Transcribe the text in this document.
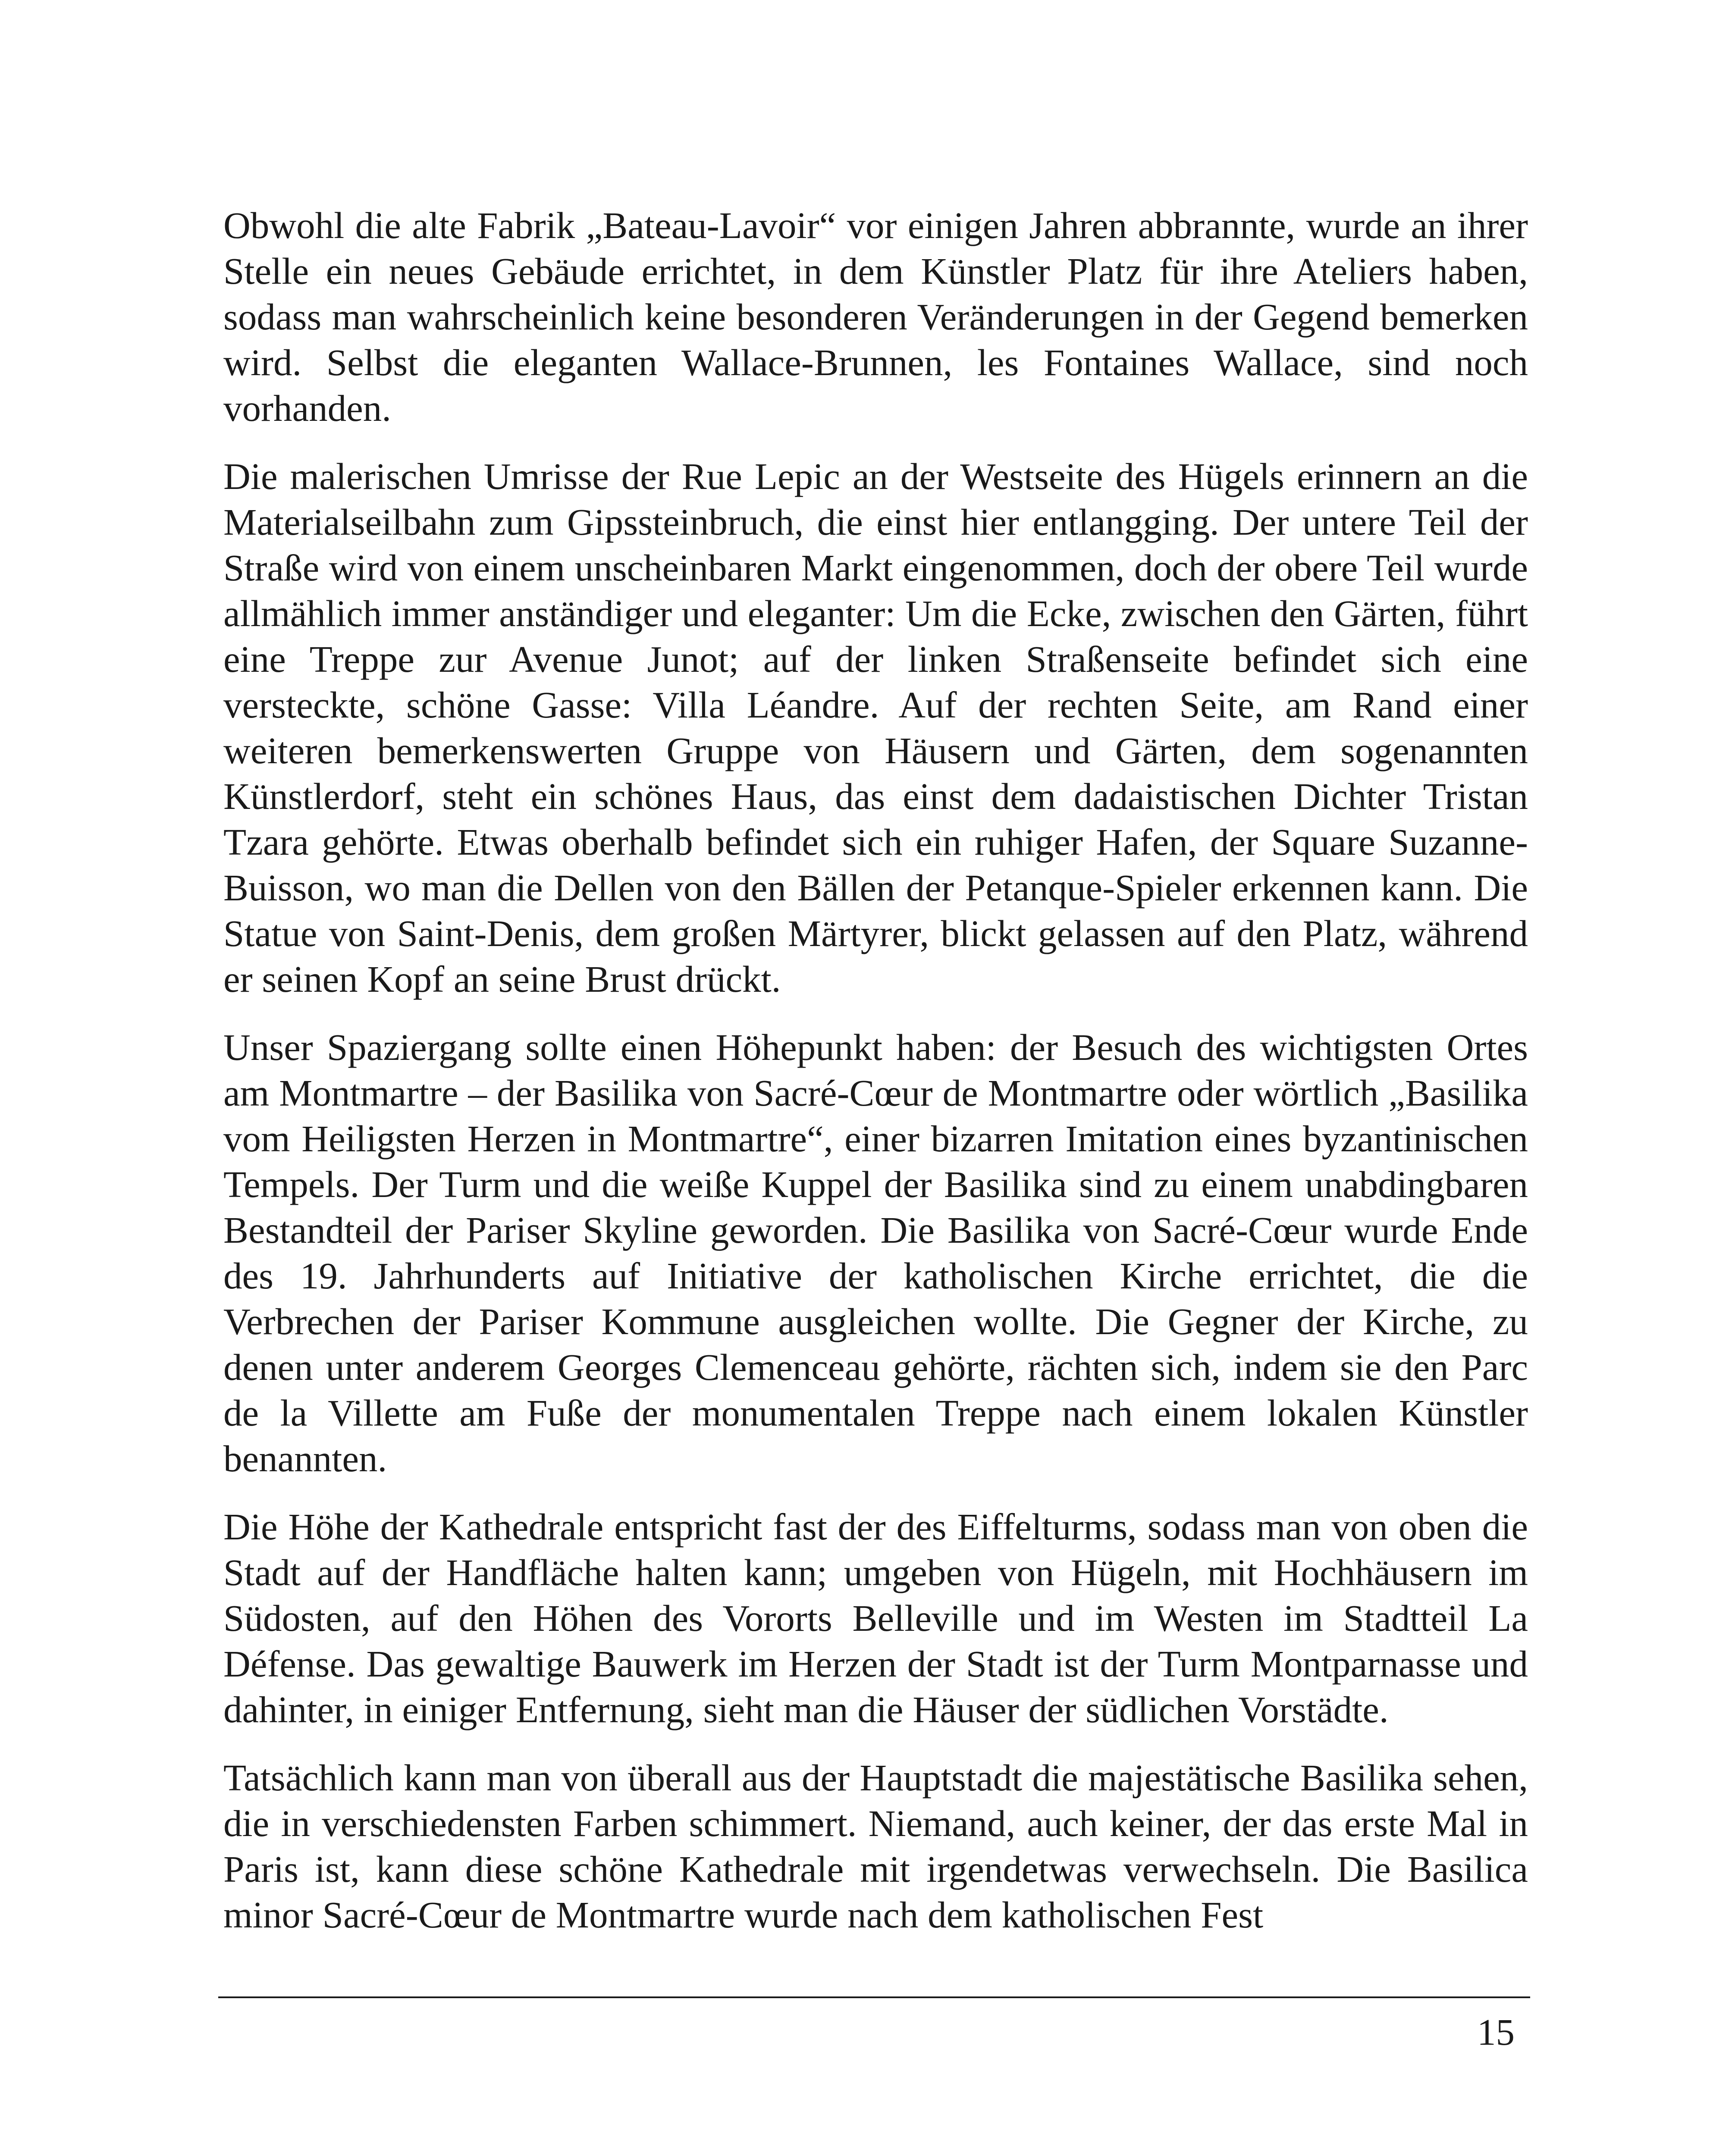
Obwohl die alte Fabrik „Bateau-Lavoir“ vor einigen Jahren abbrannte, wurde an ihrer Stelle ein neues Gebäude errichtet, in dem Künstler Platz für ihre Ateliers haben, sodass man wahrscheinlich keine besonderen Veränderungen in der Gegend bemerken wird. Selbst die eleganten Wallace-Brunnen, les Fontaines Wallace, sind noch vorhanden.

Die malerischen Umrisse der Rue Lepic an der Westseite des Hügels erinnern an die Materialseilbahn zum Gipssteinbruch, die einst hier entlangging. Der untere Teil der Straße wird von einem unscheinbaren Markt eingenommen, doch der obere Teil wurde allmählich immer anständiger und eleganter: Um die Ecke, zwischen den Gärten, führt eine Treppe zur Avenue Junot; auf der linken Straßenseite befindet sich eine versteckte, schöne Gasse: Villa Léandre. Auf der rechten Seite, am Rand einer weiteren bemerkenswerten Gruppe von Häusern und Gärten, dem sogenannten Künstlerdorf, steht ein schönes Haus, das einst dem dadaistischen Dichter Tristan Tzara gehörte. Etwas oberhalb befindet sich ein ruhiger Hafen, der Square Suzanne-Buisson, wo man die Dellen von den Bällen der Petanque-Spieler erkennen kann. Die Statue von Saint-Denis, dem großen Märtyrer, blickt gelassen auf den Platz, während er seinen Kopf an seine Brust drückt.

Unser Spaziergang sollte einen Höhepunkt haben: der Besuch des wichtigsten Ortes am Montmartre – der Basilika von Sacré-Cœur de Montmartre oder wörtlich „Basilika vom Heiligsten Herzen in Montmartre“, einer bizarren Imitation eines byzantinischen Tempels. Der Turm und die weiße Kuppel der Basilika sind zu einem unabdingbaren Bestandteil der Pariser Skyline geworden. Die Basilika von Sacré-Cœur wurde Ende des 19. Jahrhunderts auf Initiative der katholischen Kirche errichtet, die die Verbrechen der Pariser Kommune ausgleichen wollte. Die Gegner der Kirche, zu denen unter anderem Georges Clemenceau gehörte, rächten sich, indem sie den Parc de la Villette am Fuße der monumentalen Treppe nach einem lokalen Künstler benannten.

Die Höhe der Kathedrale entspricht fast der des Eiffelturms, sodass man von oben die Stadt auf der Handfläche halten kann; umgeben von Hügeln, mit Hochhäusern im Südosten, auf den Höhen des Vororts Belleville und im Westen im Stadtteil La Défense. Das gewaltige Bauwerk im Herzen der Stadt ist der Turm Montparnasse und dahinter, in einiger Entfernung, sieht man die Häuser der südlichen Vorstädte.

Tatsächlich kann man von überall aus der Hauptstadt die majestätische Basilika sehen, die in verschiedensten Farben schimmert. Niemand, auch keiner, der das erste Mal in Paris ist, kann diese schöne Kathedrale mit irgendetwas verwechseln. Die Basilica minor Sacré-Cœur de Montmartre wurde nach dem katholischen Fest

15
